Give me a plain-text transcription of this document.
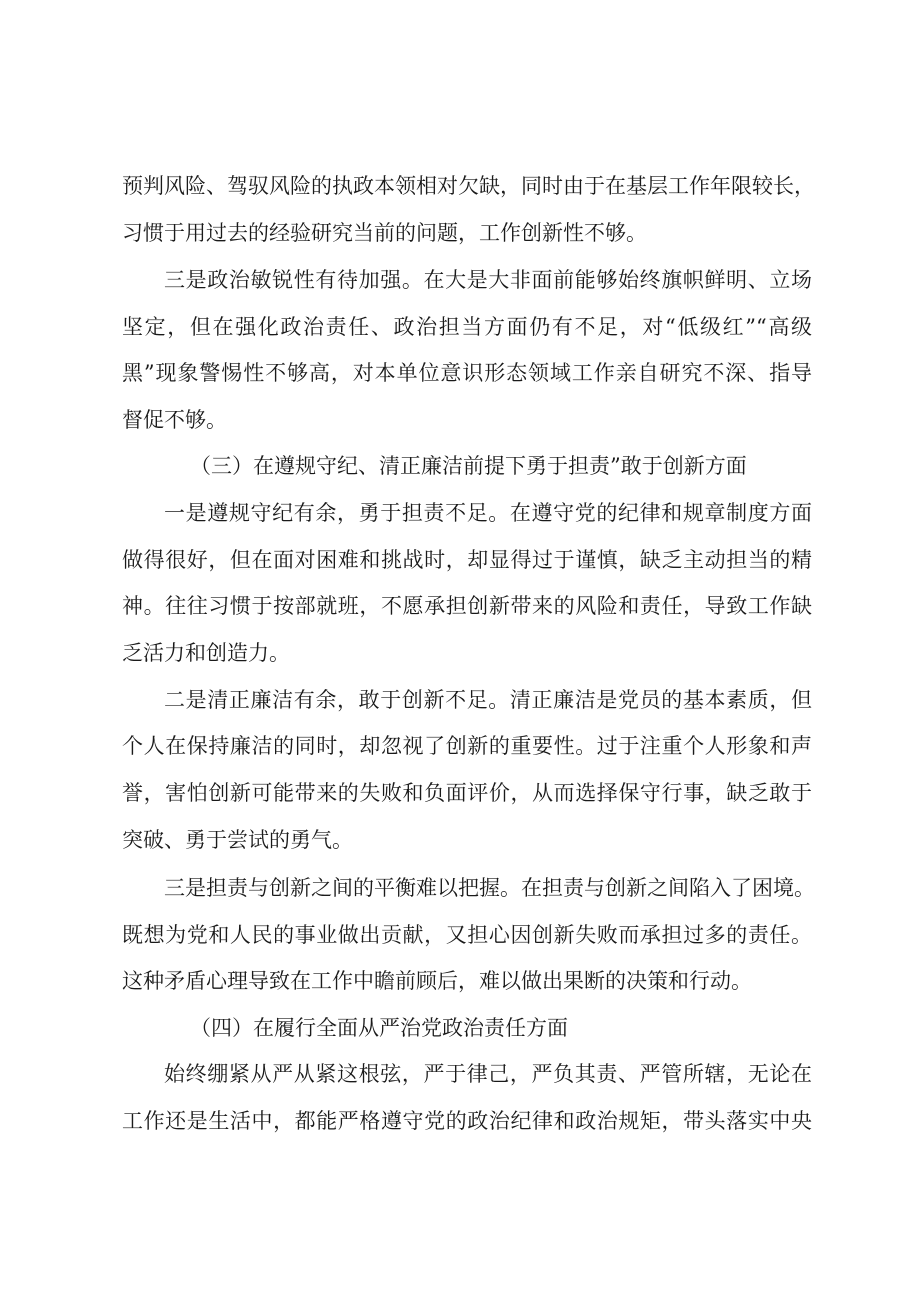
预判风险、驾驭风险的执政本领相对欠缺，同时由于在基层工作年限较长，
习惯于用过去的经验研究当前的问题，工作创新性不够。
三是政治敏锐性有待加强。在大是大非面前能够始终旗帜鲜明、立场
坚定，但在强化政治责任、政治担当方面仍有不足，对“低级红”“高级
黑”现象警惕性不够高，对本单位意识形态领域工作亲自研究不深、指导
督促不够。
（三）在遵规守纪、清正廉洁前提下勇于担责”敢于创新方面
一是遵规守纪有余，勇于担责不足。在遵守党的纪律和规章制度方面
做得很好，但在面对困难和挑战时，却显得过于谨慎，缺乏主动担当的精
神。往往习惯于按部就班，不愿承担创新带来的风险和责任，导致工作缺
乏活力和创造力。
二是清正廉洁有余，敢于创新不足。清正廉洁是党员的基本素质，但
个人在保持廉洁的同时，却忽视了创新的重要性。过于注重个人形象和声
誉，害怕创新可能带来的失败和负面评价，从而选择保守行事，缺乏敢于
突破、勇于尝试的勇气。
三是担责与创新之间的平衡难以把握。在担责与创新之间陷入了困境。
既想为党和人民的事业做出贡献，又担心因创新失败而承担过多的责任。
这种矛盾心理导致在工作中瞻前顾后，难以做出果断的决策和行动。
（四）在履行全面从严治党政治责任方面
始终绷紧从严从紧这根弦，严于律己，严负其责、严管所辖，无论在
工作还是生活中，都能严格遵守党的政治纪律和政治规矩，带头落实中央
